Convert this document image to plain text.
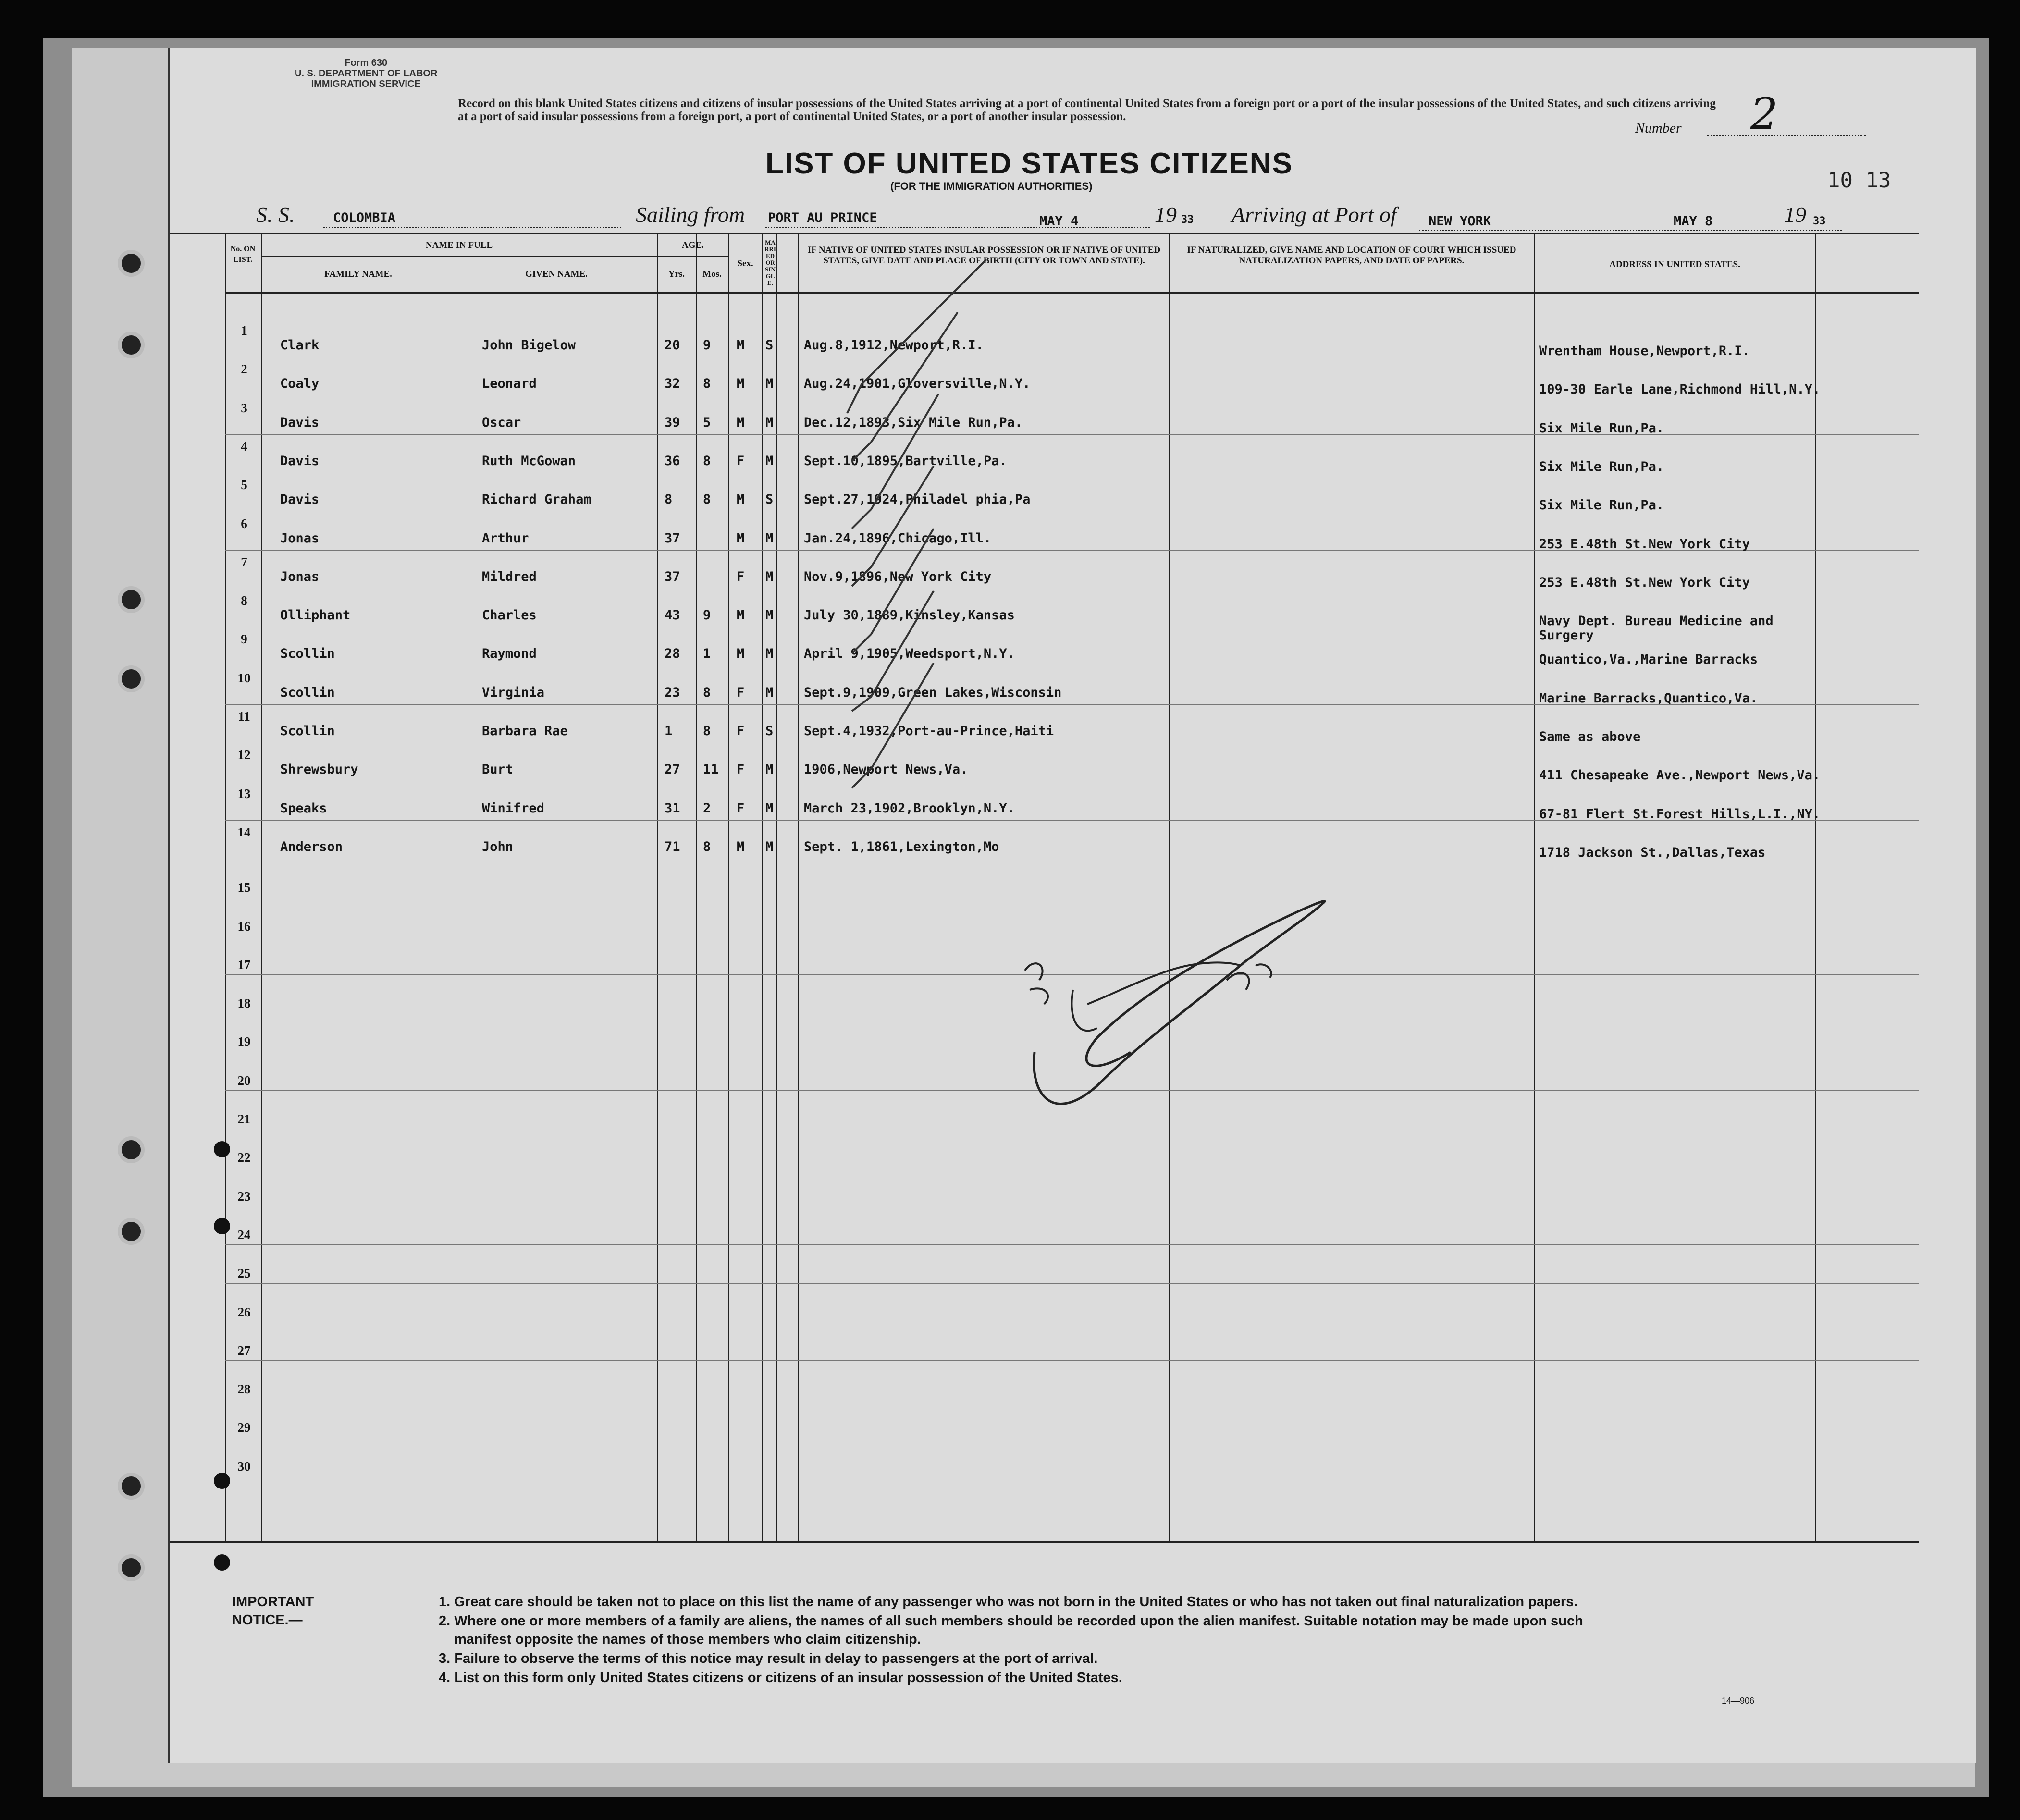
Form 630
U. S. DEPARTMENT OF LABOR
IMMIGRATION SERVICE
Record on this blank United States citizens and citizens of insular possessions of the United States arriving at a port of continental United States from a foreign port or a port of the insular possessions of the United States, and such citizens arriving at a port of said insular possessions from a foreign port, a port of continental United States, or a port of another insular possession.
Number 2
LIST OF UNITED STATES CITIZENS
(FOR THE IMMIGRATION AUTHORITIES)	10 13
S. S.	COLOMBIA	Sailing from PORT AU PRINCE	MAY 4	19 33 Arriving at Port of NEW YORK	MAY 8	19 33
No. ON LIST.
NAME IN FULL
FAMILY NAME.	GIVEN NAME.
AGE.
Yrs.	Mos.
Sex.
MARRIED OR SINGLE.
IF NATIVE OF UNITED STATES INSULAR POSSESSION OR IF NATIVE OF UNITED STATES, GIVE DATE AND PLACE OF BIRTH (CITY OR TOWN AND STATE).
IF NATURALIZED, GIVE NAME AND LOCATION OF COURT WHICH ISSUED NATURALIZATION PAPERS, AND DATE OF PAPERS.	ADDRESS IN UNITED STATES.
1
Clark	John Bigelow	20 9 M S Aug.8,1912,Newport,R.I.	Wrentham House,Newport,R.I.
2
Coaly	Leonard	32 8 M M Aug.24,1901,Gloversville,N.Y.	109-30 Earle Lane,Richmond Hill,N.Y.
3
Davis	Oscar	39 5 M M Dec.12,1893,Six Mile Run,Pa.	Six Mile Run,Pa.
4
Davis	Ruth McGowan	36 8 F M Sept.10,1895,Bartville,Pa.	Six Mile Run,Pa.
5
Davis	Richard Graham	8 8 M S Sept.27,1924,Philadel phia,Pa	Six Mile Run,Pa.
6
Jonas	Arthur	37	M M Jan.24,1896,Chicago,Ill.	253 E.48th St.New York City
7
Jonas	Mildred	37	F M Nov.9,1896,New York City	253 E.48th St.New York City
8
Olliphant	Charles	43 9 M M July 30,1889,Kinsley,Kansas	Navy Dept. Bureau Medicine and
Surgery
9
Scollin	Raymond	28 1 M M April 9,1905,Weedsport,N.Y.	Quantico,Va.,Marine Barracks
10
Scollin	Virginia	23 8 F M Sept.9,1909,Green Lakes,Wisconsin	Marine Barracks,Quantico,Va.
11
Scollin	Barbara Rae	1 8 F S Sept.4,1932,Port-au-Prince,Haiti	Same as above
12
Shrewsbury	Burt	27 11 F M 1906,Newport News,Va.	411 Chesapeake Ave.,Newport News,Va.
13
Speaks	Winifred	31 2 F M March 23,1902,Brooklyn,N.Y.	67-81 Flert St.Forest Hills,L.I.,NY.
14
Anderson	John	71 8 M M Sept. 1,1861,Lexington,Mo	1718 Jackson St.,Dallas,Texas
15
16
17
18
19
20
21
22
23
24
25
26
27
28
29
30
IMPORTANT NOTICE.—
1. Great care should be taken not to place on this list the name of any passenger who was not born in the United States or who has not taken out final naturalization papers.
2. Where one or more members of a family are aliens, the names of all such members should be recorded upon the alien manifest. Suitable notation may be made upon such
manifest opposite the names of those members who claim citizenship.
3. Failure to observe the terms of this notice may result in delay to passengers at the port of arrival.
4. List on this form only United States citizens or citizens of an insular possession of the United States.
14—906
